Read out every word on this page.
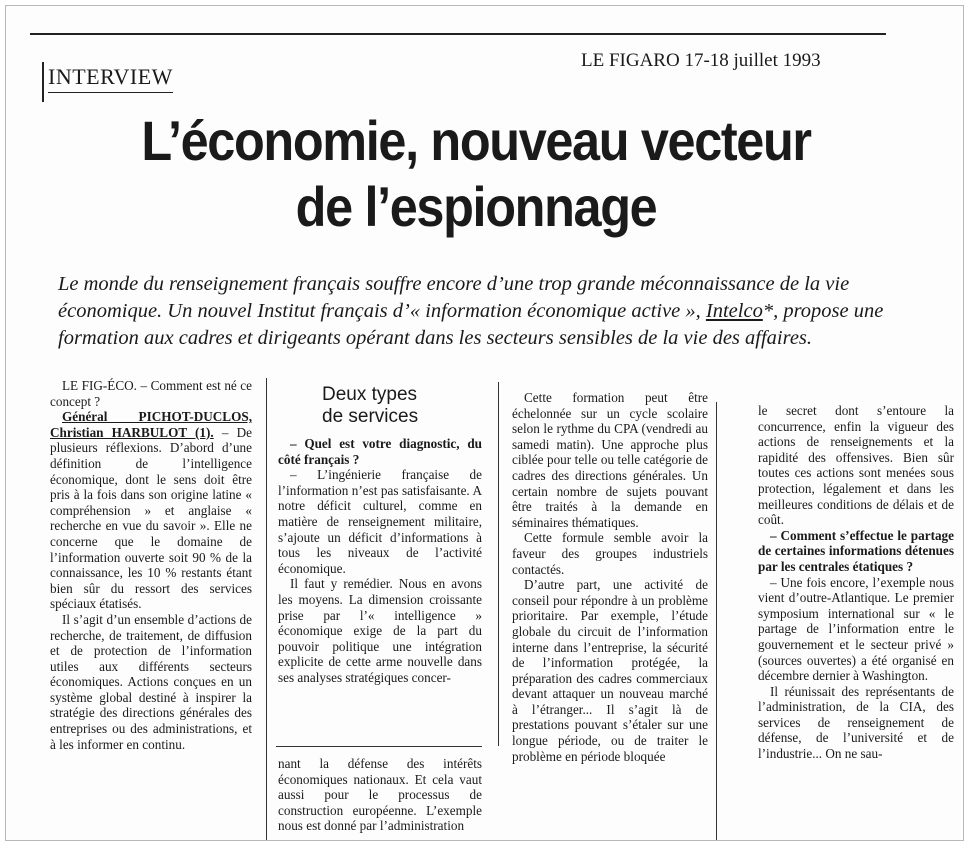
INTERVIEW
LE FIGARO 17-18 juillet 1993
L’économie, nouveau vecteur
de l’espionnage
Le monde du renseignement français souffre encore d’une trop grande méconnaissance de la vie économique. Un nouvel Institut français d’« information économique active », Intelco*, propose une formation aux cadres et dirigeants opérant dans les secteurs sensibles de la vie des affaires.

LE FIG-ÉCO. – Comment est né ce concept ?

Général PICHOT-DUCLOS, Christian HARBULOT (1). – De plusieurs réflexions. D’abord d’une définition de l’intelligence économique, dont le sens doit être pris à la fois dans son origine latine « compréhension » et anglaise « recherche en vue du savoir ». Elle ne concerne que le domaine de l’information ouverte soit 90 % de la connaissance, les 10 % restants étant bien sûr du ressort des services spéciaux étatisés.

Il s’agit d’un ensemble d’actions de recherche, de traitement, de diffusion et de protection de l’information utiles aux différents secteurs économiques. Actions conçues en un système global destiné à inspirer la stratégie des directions générales des entreprises ou des administrations, et à les informer en continu.

Deux types
de services

– Quel est votre diagnostic, du côté français ?

– L’ingénierie française de l’information n’est pas satisfaisante. A notre déficit culturel, comme en matière de renseignement militaire, s’ajoute un déficit d’informations à tous les niveaux de l’activité économique.

Il faut y remédier. Nous en avons les moyens. La dimension croissante prise par l’« intelligence » économique exige de la part du pouvoir politique une intégration explicite de cette arme nouvelle dans ses analyses stratégiques concer-

nant la défense des intérêts économiques nationaux. Et cela vaut aussi pour le processus de construction européenne. L’exemple nous est donné par l’administration

Cette formation peut être échelonnée sur un cycle scolaire selon le rythme du CPA (vendredi au samedi matin). Une approche plus ciblée pour telle ou telle catégorie de cadres des directions générales. Un certain nombre de sujets pouvant être traités à la demande en séminaires thématiques.

Cette formule semble avoir la faveur des groupes industriels contactés.

D’autre part, une activité de conseil pour répondre à un problème prioritaire. Par exemple, l’étude globale du circuit de l’information interne dans l’entreprise, la sécurité de l’information protégée, la préparation des cadres commerciaux devant attaquer un nouveau marché à l’étranger... Il s’agit là de prestations pouvant s’étaler sur une longue période, ou de traiter le problème en période bloquée

le secret dont s’entoure la concurrence, enfin la vigueur des actions de renseignements et la rapidité des offensives. Bien sûr toutes ces actions sont menées sous protection, légalement et dans les meilleures conditions de délais et de coût.

– Comment s’effectue le partage de certaines informations détenues par les centrales étatiques ?

– Une fois encore, l’exemple nous vient d’outre-Atlantique. Le premier symposium international sur « le partage de l’information entre le gouvernement et le secteur privé » (sources ouvertes) a été organisé en décembre dernier à Washington.

Il réunissait des représentants de l’administration, de la CIA, des services de renseignement de défense, de l’université et de l’industrie... On ne sau-
